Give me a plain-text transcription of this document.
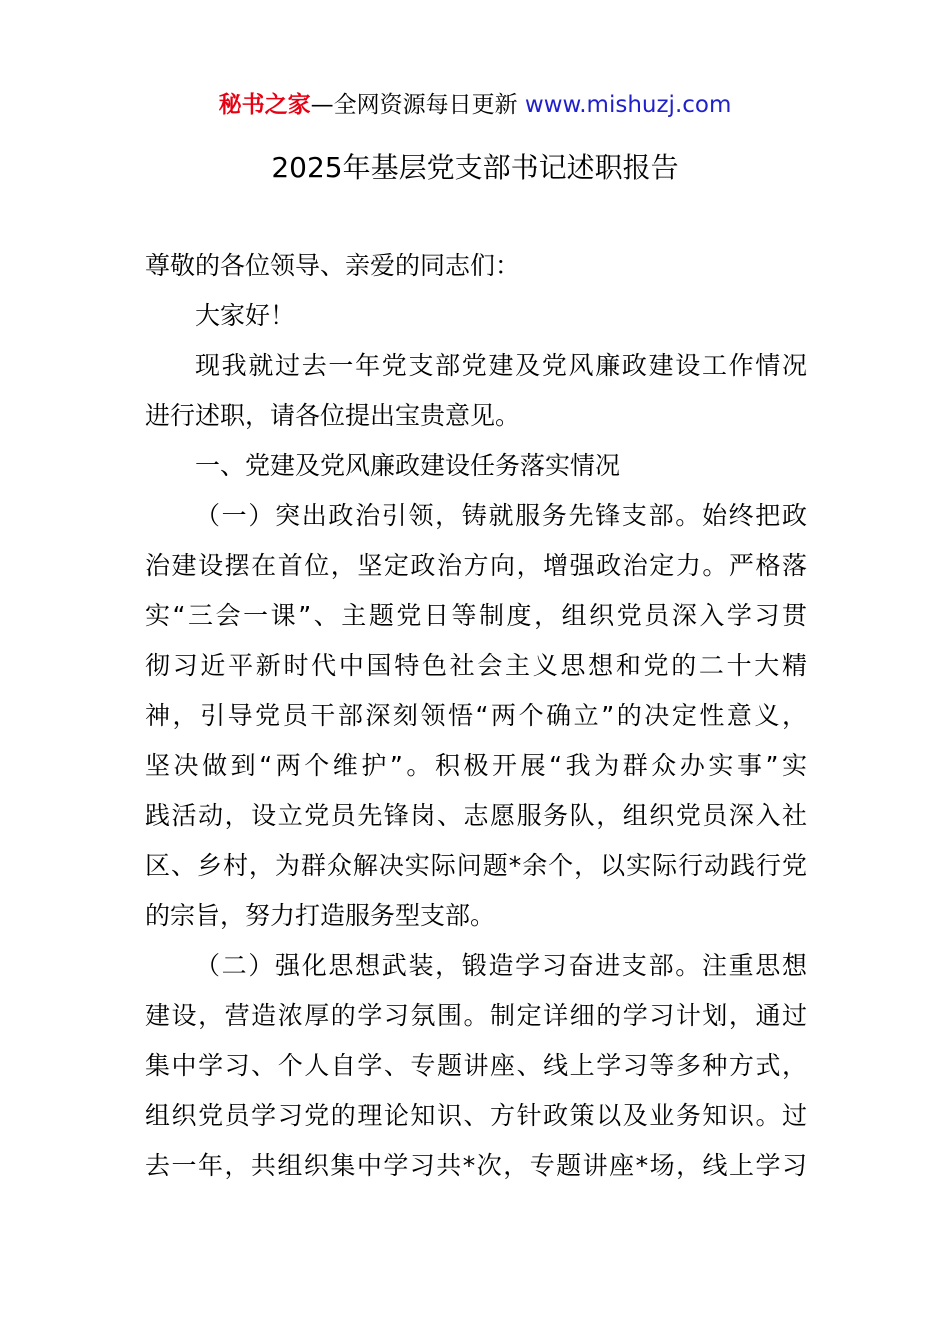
秘书之家—全网资源每日更新 www.mishuzj.com
2025年基层党支部书记述职报告

尊敬的各位领导、亲爱的同志们：

大家好！

现我就过去一年党支部党建及党风廉政建设工作情况

进行述职，请各位提出宝贵意见。

一、党建及党风廉政建设任务落实情况

（一）突出政治引领，铸就服务先锋支部。始终把政

治建设摆在首位，坚定政治方向，增强政治定力。严格落

实“三会一课”、主题党日等制度，组织党员深入学习贯

彻习近平新时代中国特色社会主义思想和党的二十大精

神，引导党员干部深刻领悟“两个确立”的决定性意义，

坚决做到“两个维护”。积极开展“我为群众办实事”实

践活动，设立党员先锋岗、志愿服务队，组织党员深入社

区、乡村，为群众解决实际问题*余个，以实际行动践行党

的宗旨，努力打造服务型支部。

（二）强化思想武装，锻造学习奋进支部。注重思想

建设，营造浓厚的学习氛围。制定详细的学习计划，通过

集中学习、个人自学、专题讲座、线上学习等多种方式，

组织党员学习党的理论知识、方针政策以及业务知识。过

去一年，共组织集中学习共*次，专题讲座*场，线上学习
